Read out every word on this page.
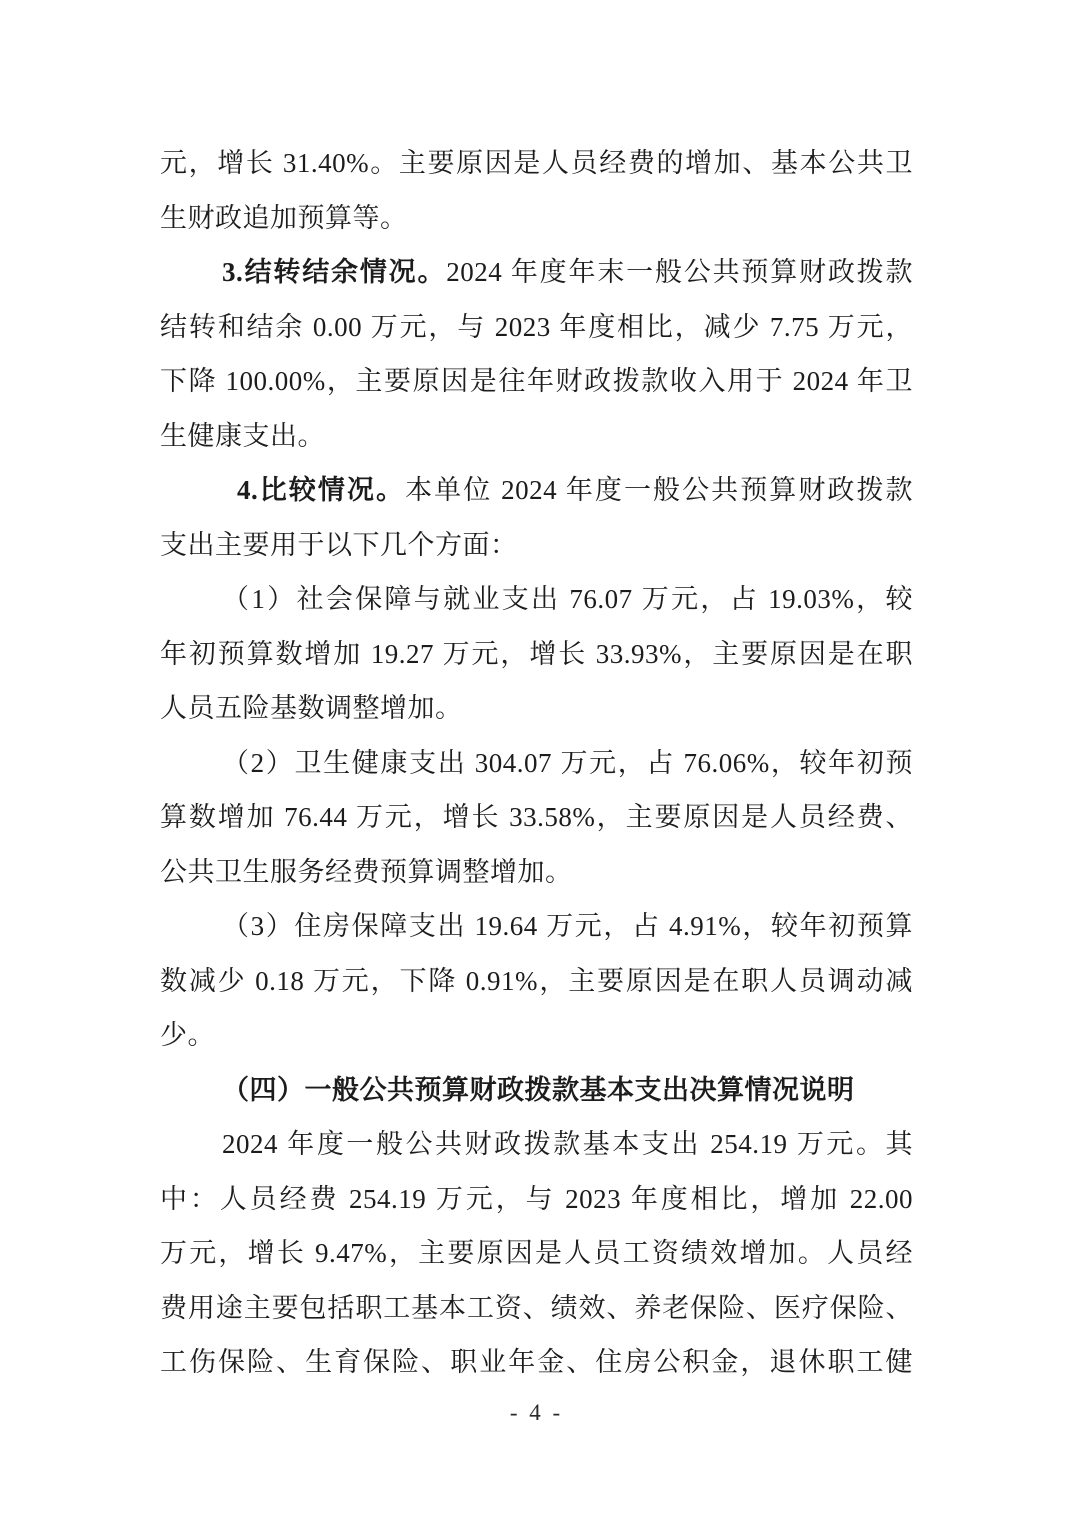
元，增长 31.40%。主要原因是人员经费的增加、基本公共卫
生财政追加预算等。
3.结转结余情况。2024 年度年末一般公共预算财政拨款
结转和结余 0.00 万元，与 2023 年度相比，减少 7.75 万元，
下降 100.00%，主要原因是往年财政拨款收入用于 2024 年卫
生健康支出。
4.比较情况。本单位 2024 年度一般公共预算财政拨款
支出主要用于以下几个方面：
（1）社会保障与就业支出 76.07 万元，占 19.03%，较
年初预算数增加 19.27 万元，增长 33.93%，主要原因是在职
人员五险基数调整增加。
（2）卫生健康支出 304.07 万元，占 76.06%，较年初预
算数增加 76.44 万元，增长 33.58%，主要原因是人员经费、
公共卫生服务经费预算调整增加。
（3）住房保障支出 19.64 万元，占 4.91%，较年初预算
数减少 0.18 万元，下降 0.91%，主要原因是在职人员调动减
少。
（四）一般公共预算财政拨款基本支出决算情况说明
2024 年度一般公共财政拨款基本支出 254.19 万元。其
中：人员经费 254.19 万元，与 2023 年度相比，增加 22.00
万元，增长 9.47%，主要原因是人员工资绩效增加。人员经
费用途主要包括职工基本工资、绩效、养老保险、医疗保险、
工伤保险、生育保险、职业年金、住房公积金，退休职工健
- 4 -
